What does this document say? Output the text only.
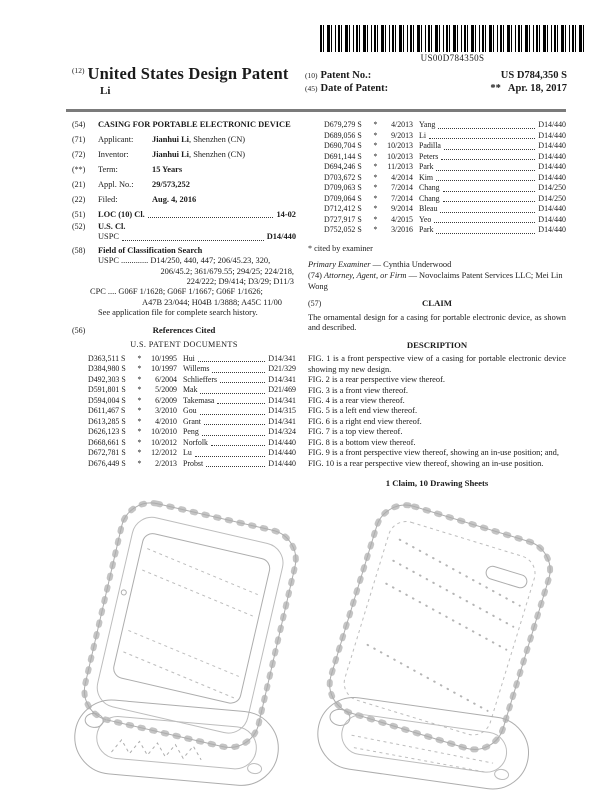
US00D784350S
$^{(12)}$ United States Design Patent
Li
(10) Patent No.:	US D784,350 S
(45) Date of Patent:	** Apr. 18, 2017
(54)	CASING FOR PORTABLE ELECTRONIC DEVICE
(71)	Applicant:	Jianhui Li, Shenzhen (CN)
(72)	Inventor:	Jianhui Li, Shenzhen (CN)
(**)	Term:	15 Years
(21)	Appl. No.:	29/573,252
(22)	Filed:	Aug. 4, 2016
(51)	LOC (10) Cl.	14-02
(52)	U.S. Cl.
USPC	D14/440
(58)	Field of Classification Search
USPC ............. D14/250, 440, 447; 206/45.23, 320,
206/45.2; 361/679.55; 294/25; 224/218,
224/222; D9/414; D3/29; D11/3
CPC .... G06F 1/1628; G06F 1/1667; G06F 1/1626;
A47B 23/044; H04B 1/3888; A45C 11/00
See application file for complete search history.
(56)	References Cited
U.S. PATENT DOCUMENTS
D363,511 S	*	10/1995 Hui	D14/341
D384,980 S	*	10/1997 Willems	D21/329
D492,303 S	*	6/2004 Schlieffers	D14/341
D591,801 S	*	5/2009 Mak	D21/469
D594,004 S	*	6/2009 Takemasa	D14/341
D611,467 S	*	3/2010 Gou	D14/315
D613,285 S	*	4/2010 Grant	D14/341
D626,123 S	*	10/2010 Peng	D14/324
D668,661 S	*	10/2012 Norfolk	D14/440
D672,781 S	*	12/2012 Lu	D14/440
D676,449 S	*	2/2013 Probst	D14/440
D679,279 S	*	4/2013 Yang	D14/440
D689,056 S	*	9/2013 Li	D14/440
D690,704 S	*	10/2013 Padilla	D14/440
D691,144 S	*	10/2013 Peters	D14/440
D694,246 S	*	11/2013 Park	D14/440
D703,672 S	*	4/2014 Kim	D14/440
D709,063 S	*	7/2014 Chang	D14/250
D709,064 S	*	7/2014 Chang	D14/250
D712,412 S	*	9/2014 Bleau	D14/440
D727,917 S	*	4/2015 Yeo	D14/440
D752,052 S	*	3/2016 Park	D14/440
* cited by examiner
Primary Examiner — Cynthia Underwood
(74) Attorney, Agent, or Firm — Novoclaims Patent Services LLC; Mei Lin Wong
(57)	CLAIM
The ornamental design for a casing for portable electronic device, as shown and described.
DESCRIPTION
FIG. 1 is a front perspective view of a casing for portable electronic device showing my new design.
FIG. 2 is a rear perspective view thereof.
FIG. 3 is a front view thereof.
FIG. 4 is a rear view thereof.
FIG. 5 is a left end view thereof.
FIG. 6 is a right end view thereof.
FIG. 7 is a top view thereof.
FIG. 8 is a bottom view thereof.
FIG. 9 is a front perspective view thereof, showing an in-use position; and,
FIG. 10 is a rear perspective view thereof, showing an in-use position.
1 Claim, 10 Drawing Sheets
